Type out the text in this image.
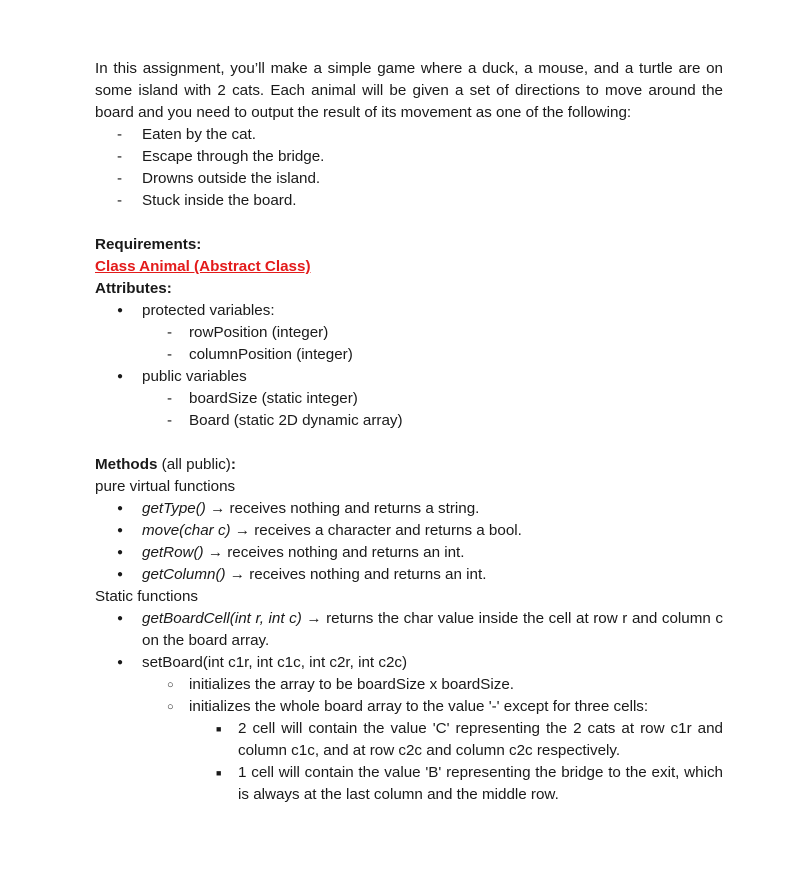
In this assignment, you’ll make a simple game where a duck, a mouse, and a turtle are on some island with 2 cats. Each animal will be given a set of directions to move around the board and you need to output the result of its movement as one of the following:

- Eaten by the cat.
- Escape through the bridge.
- Drowns outside the island.
- Stuck inside the board.

Requirements:

Class Animal (Abstract Class)

Attributes:

● protected variables:
- rowPosition (integer)
- columnPosition (integer)
● public variables
- boardSize (static integer)
- Board (static 2D dynamic array)

Methods (all public):

pure virtual functions

● getType() → receives nothing and returns a string.
● move(char c) → receives a character and returns a bool.
● getRow() → receives nothing and returns an int.
● getColumn() → receives nothing and returns an int.

Static functions

● getBoardCell(int r, int c) → returns the char value inside the cell at row r and column c on the board array.
● setBoard(int c1r, int c1c, int c2r, int c2c)
○ initializes the array to be boardSize x boardSize.
○ initializes the whole board array to the value '-' except for three cells:
■ 2 cell will contain the value 'C' representing the 2 cats at row c1r and column c1c, and at row c2c and column c2c respectively.
■ 1 cell will contain the value 'B' representing the bridge to the exit, which is always at the last column and the middle row.
